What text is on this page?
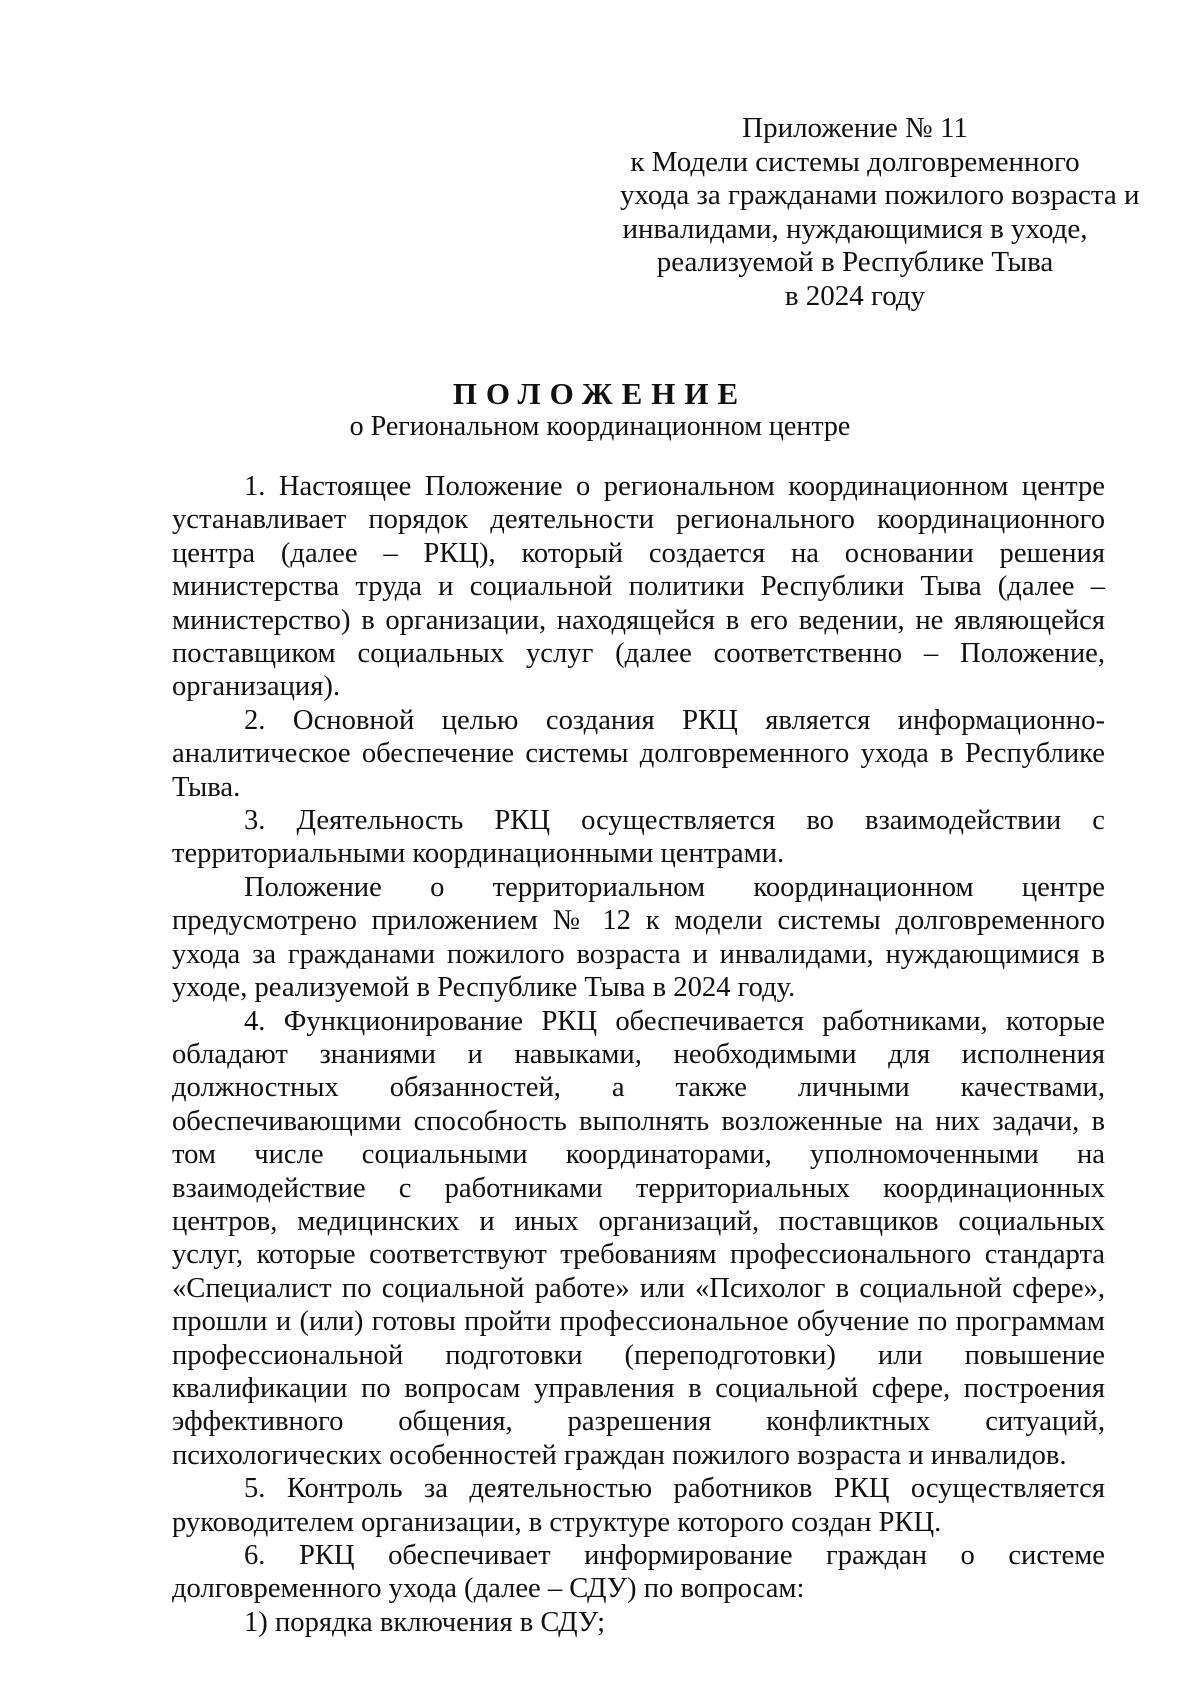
Приложение № 11
к Модели системы долговременного
ухода за гражданами пожилого возраста и
инвалидами, нуждающимися в уходе,
реализуемой в Республике Тыва
в 2024 году
ПОЛОЖЕНИЕ
о Региональном координационном центре

1. Настоящее Положение о региональном координационном центре устанавливает порядок деятельности регионального координационного центра (далее – РКЦ), который создается на основании решения министерства труда и социальной политики Республики Тыва (далее – министерство) в организации, находящейся в его ведении, не являющейся поставщиком социальных услуг (далее соответственно – Положение, организация).

2. Основной целью создания РКЦ является информационно-аналитическое обеспечение системы долговременного ухода в Республике Тыва.

3. Деятельность РКЦ осуществляется во взаимодействии с территориальными координационными центрами.

Положение о территориальном координационном центре предусмотрено приложением № 12 к модели системы долговременного ухода за гражданами пожилого возраста и инвалидами, нуждающимися в уходе, реализуемой в Республике Тыва в 2024 году.

4. Функционирование РКЦ обеспечивается работниками, которые обладают знаниями и навыками, необходимыми для исполнения должностных обязанностей, а также личными качествами, обеспечивающими способность выполнять возложенные на них задачи, в том числе социальными координаторами, уполномоченными на взаимодействие с работниками территориальных координационных центров, медицинских и иных организаций, поставщиков социальных услуг, которые соответствуют требованиям профессионального стандарта «Специалист по социальной работе» или «Психолог в социальной сфере», прошли и (или) готовы пройти профессиональное обучение по программам профессиональной подготовки (переподготовки) или повышение квалификации по вопросам управления в социальной сфере, построения эффективного общения, разрешения конфликтных ситуаций, психологических особенностей граждан пожилого возраста и инвалидов.

5. Контроль за деятельностью работников РКЦ осуществляется руководителем организации, в структуре которого создан РКЦ.

6. РКЦ обеспечивает информирование граждан о системе долговременного ухода (далее – СДУ) по вопросам:

1) порядка включения в СДУ;
